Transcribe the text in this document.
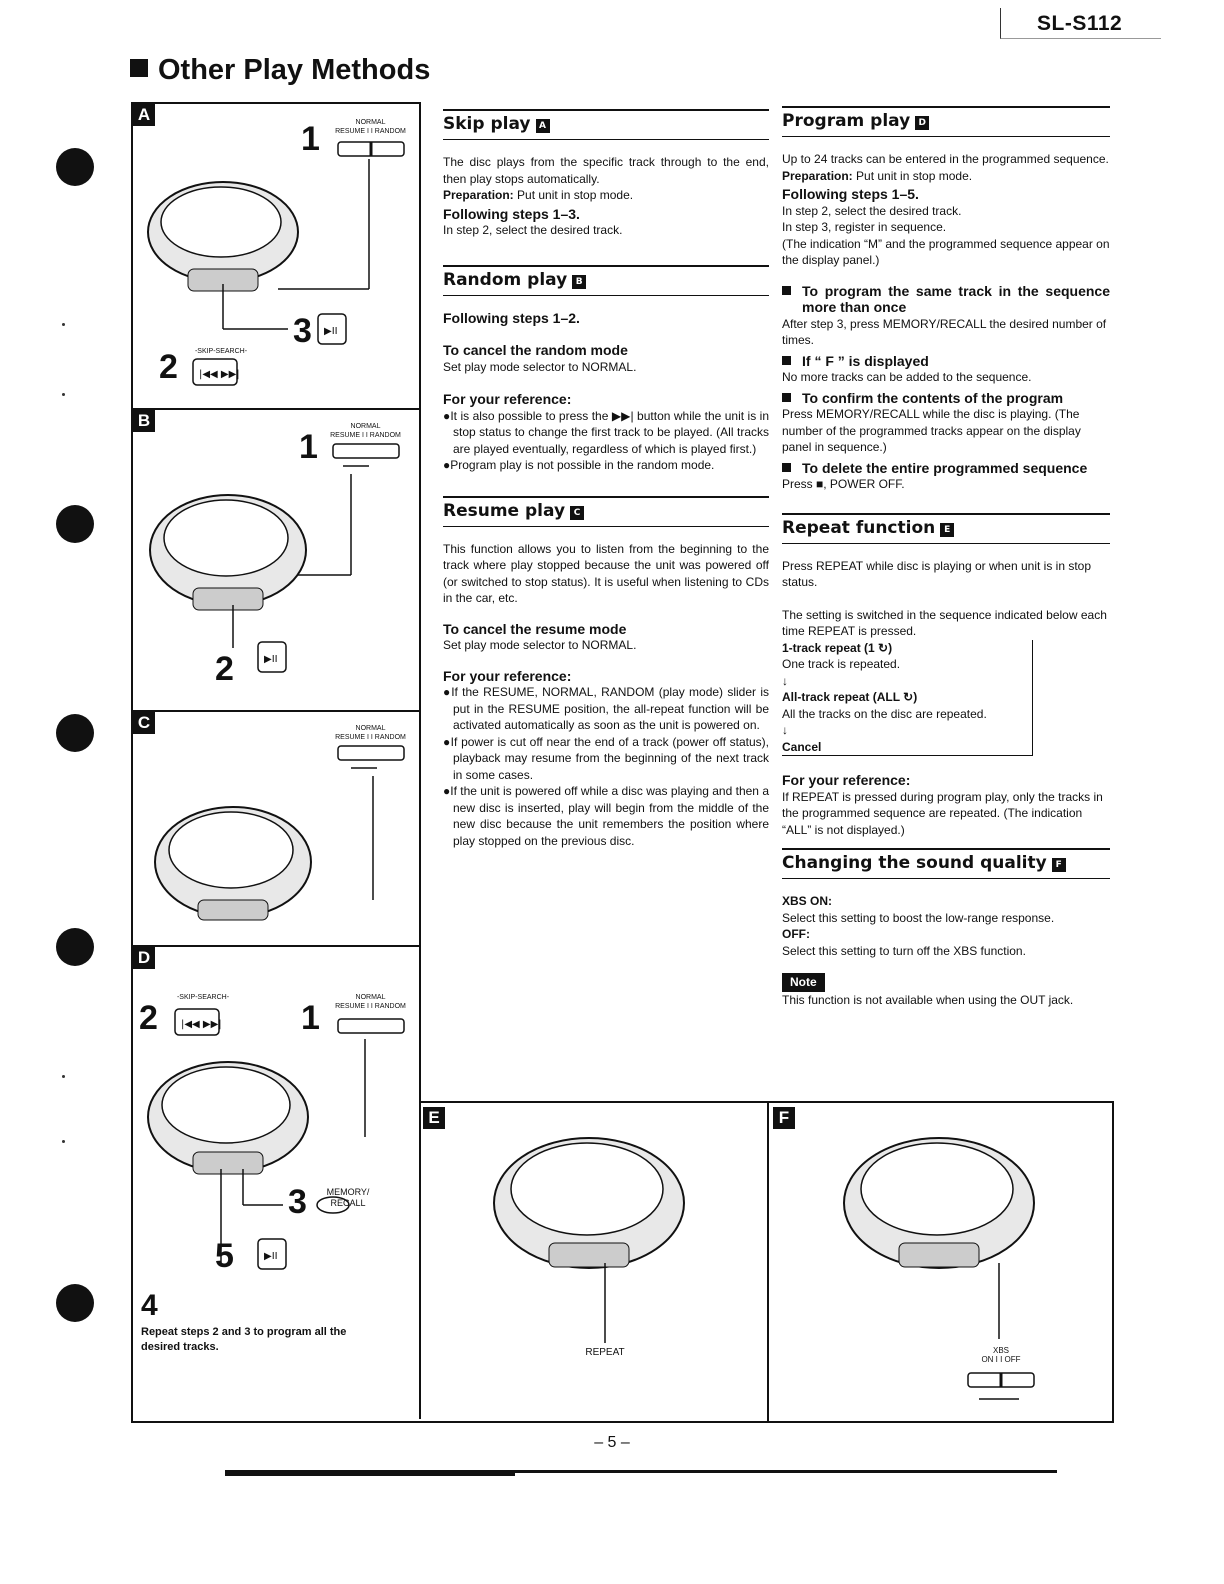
SL-S112
Other Play Methods
A
1	NORMAL
RESUME I I RANDOM
▶II
|◀◀ ▶▶|
3
2	-SKIP-SEARCH-
B
1
NORMAL
RESUME I I RANDOM
▶II
2
C	NORMAL
RESUME I I RANDOM
D
2
-SKIP-SEARCH-
1
NORMAL
RESUME I I RANDOM
|◀◀ ▶▶|
▶II
3	MEMORY/ RECALL
5
4
Repeat steps 2 and 3 to program all the desired tracks.
E	F
REPEAT	XBS
ON I I OFF
Skip play A

The disc plays from the specific track through to the end, then play stops automatically.

Preparation: Put unit in stop mode.

Following steps 1–3.

In step 2, select the desired track.

Random play B

Following steps 1–2.

To cancel the random mode

Set play mode selector to NORMAL.

For your reference:

●It is also possible to press the ▶▶| button while the unit is in stop status to change the first track to be played. (All tracks are played eventually, regardless of which is played first.)

●Program play is not possible in the random mode.

Resume play C

This function allows you to listen from the beginning to the track where play stopped because the unit was powered off (or switched to stop status). It is useful when listening to CDs in the car, etc.

To cancel the resume mode

Set play mode selector to NORMAL.

For your reference:

●If the RESUME, NORMAL, RANDOM (play mode) slider is put in the RESUME position, the all-repeat function will be activated automatically as soon as the unit is powered on.

●If power is cut off near the end of a track (power off status), playback may resume from the beginning of the next track in some cases.

●If the unit is powered off while a disc was playing and then a new disc is inserted, play will begin from the middle of the new disc because the unit remembers the position where play stopped on the previous disc.

Program play D

Up to 24 tracks can be entered in the programmed sequence.

Preparation: Put unit in stop mode.

Following steps 1–5.

In step 2, select the desired track.

In step 3, register in sequence.

(The indication “M” and the programmed sequence appear on the display panel.)

To program the same track in the sequence more than once

After step 3, press MEMORY/RECALL the desired number of times.

If “ F ” is displayed

No more tracks can be added to the sequence.

To confirm the contents of the program

Press MEMORY/RECALL while the disc is playing. (The number of the programmed tracks appear on the display panel in sequence.)

To delete the entire programmed sequence

Press ■, POWER OFF.

Repeat function E

Press REPEAT while disc is playing or when unit is in stop status.

The setting is switched in the sequence indicated below each time REPEAT is pressed.

1-track repeat (1 ↻)

One track is repeated.

↓

All-track repeat (ALL ↻)

All the tracks on the disc are repeated.

↓

Cancel

For your reference:

If REPEAT is pressed during program play, only the tracks in the programmed sequence are repeated. (The indication “ALL” is not displayed.)

Changing the sound quality F

XBS ON:

Select this setting to boost the low-range response.

OFF:

Select this setting to turn off the XBS function.

Note

This function is not available when using the OUT jack.

– 5 –
